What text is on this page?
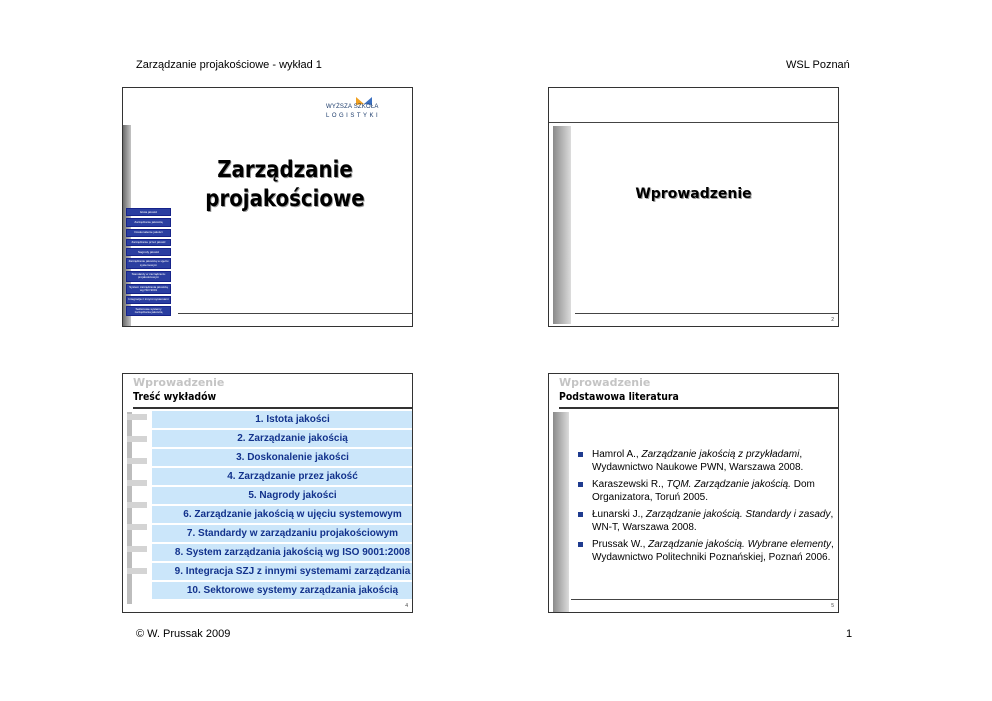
Zarządzanie projakościowe - wykład 1	WSL Poznań
WYŻSZA SZKOŁA
LOGISTYKI
Zarządzanie
projakościowe
Istota jakości
Zarządzanie jakością
Doskonalenie jakości
Zarządzanie przez jakość
Nagrody jakości
Zarządzanie jakością w ujęciu systemowym
Standardy w zarządzaniu projakościowym
System zarządzania jakością wg ISO 9001
Integracja z innymi systemami
Sektorowe systemy zarządzania jakością
Wprowadzenie
2
Wprowadzenie
Treść wykładów
1. Istota jakości
2. Zarządzanie jakością
3. Doskonalenie jakości
4. Zarządzanie przez jakość
5. Nagrody jakości
6. Zarządzanie jakością w ujęciu systemowym
7. Standardy w zarządzaniu projakościowym
8. System zarządzania jakością wg ISO 9001:2008
9. Integracja SZJ z innymi systemami zarządzania
10. Sektorowe systemy zarządzania jakością
4
Wprowadzenie
Podstawowa literatura
Hamrol A., Zarządzanie jakością z przykładami, Wydawnictwo Naukowe PWN, Warszawa 2008.
Karaszewski R., TQM. Zarządzanie jakością. Dom Organizatora, Toruń 2005.
Łunarski J., Zarządzanie jakością. Standardy i zasady, WN-T, Warszawa 2008.
Prussak W., Zarządzanie jakością. Wybrane elementy, Wydawnictwo Politechniki Poznańskiej, Poznań 2006.
5
© W. Prussak 2009	1
